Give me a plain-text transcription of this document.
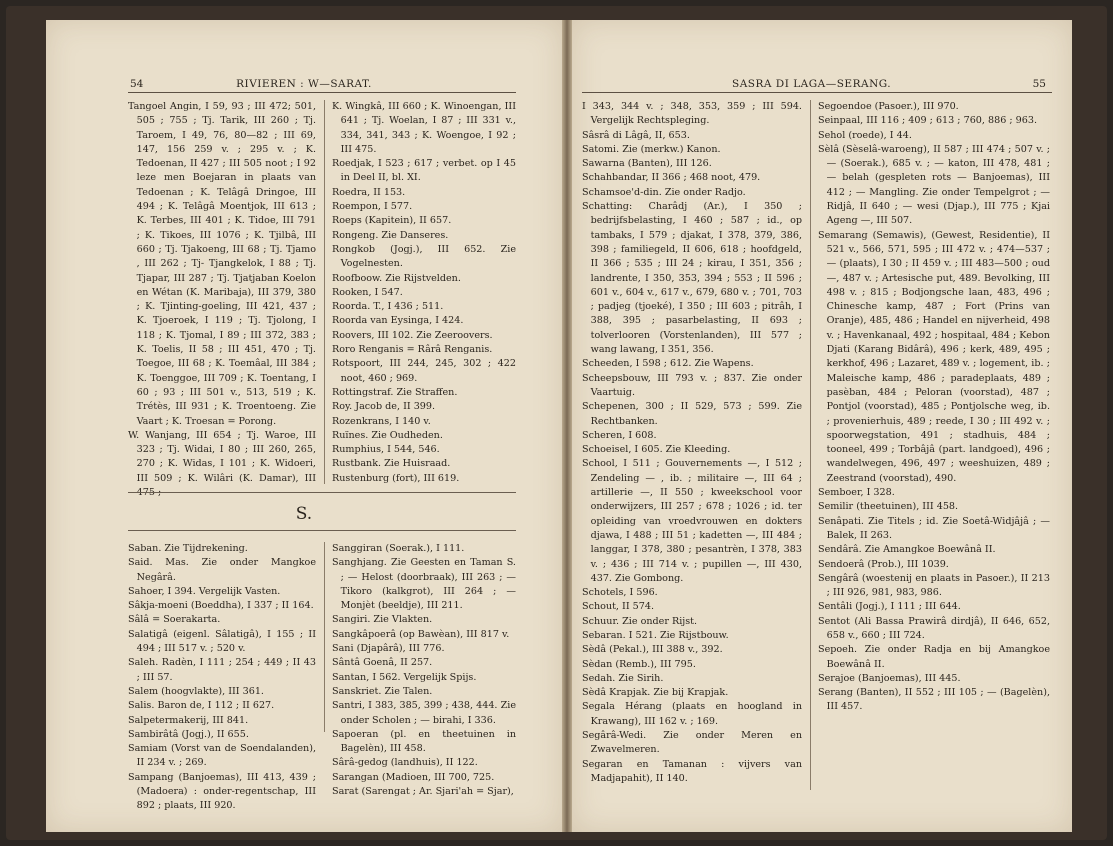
54	RIVIEREN : W—SARAT.

Tangoel Angin, I 59, 93 ; III 472; 501, 505 ; 755 ; Tj. Tarik, III 260 ; Tj. Taroem, I 49, 76, 80—82 ; III 69, 147, 156 259 v. ; 295 v. ; K. Tedoenan, II 427 ; III 505 noot ; I 92 leze men Boejaran in plaats van Tedoenan ; K. Telâgâ Dringoe, III 494 ; K. Telâgâ Moentjok, III 613 ; K. Terbes, III 401 ; K. Tidoe, III 791 ; K. Tikoes, III 1076 ; K. Tjilbâ, III 660 ; Tj. Tjakoeng, III 68 ; Tj. Tjamo , III 262 ; Tj- Tjangkelok, I 88 ; Tj. Tjapar, III 287 ; Tj. Tjatjaban Koelon en Wétan (K. Maribaja), III 379, 380 ; K. Tjinting-goeling, III 421, 437 ; K. Tjoeroek, I 119 ; Tj. Tjolong, I 118 ; K. Tjomal, I 89 ; III 372, 383 ; K. Toelis, II 58 ; III 451, 470 ; Tj. Toegoe, III 68 ; K. Toemâal, III 384 ; K. Toenggoe, III 709 ; K. Toentang, I 60 ; 93 ; III 501 v., 513, 519 ; K. Trétès, III 931 ; K. Troentoeng. Zie Vaart ; K. Troesan = Porong.

W. Wanjang, III 654 ; Tj. Waroe, III 323 ; Tj. Widai, I 80 ; III 260, 265, 270 ; K. Widas, I 101 ; K. Widoeri, III 509 ; K. Wilâri (K. Damar), III

K. Wingkâ, III 660 ; K. Winoengan, III 641 ; Tj. Woelan, I 87 ; III 331 v., 334, 341, 343 ; K. Woengoe, I 92 ; III 475.

Roedjak, I 523 ; 617 ; verbet. op I 45 in Deel II, bl. XI.

Roedra, II 153.

Roempon, I 577.

Roeps (Kapitein), II 657.

Rongeng. Zie Danseres.

Rongkob (Jogj.), III 652. Zie Vogelnesten.

Roofboow. Zie Rijstvelden.

Rooken, I 547.

Roorda. T., I 436 ; 511.

Roorda van Eysinga, I 424.

Roovers, III 102. Zie Zeeroovers.

Roro Renganis = Rârâ Renganis.

Rotspoort, III 244, 245, 302 ; 422 noot, 460 ; 969.

Rottingstraf. Zie Straffen.

Roy. Jacob de, II 399.

Rozenkrans, I 140 v.

Ruïnes. Zie Oudheden.

Rumphius, I 544, 546.

Rustbank. Zie Huisraad.

Rustenburg (fort), III 619.

S.

Saban. Zie Tijdrekening.

Said. Mas. Zie onder Mangkoe Negârâ.

Sahoer, I 394. Vergelijk Vasten.

Sâkja-moeni (Boeddha), I 337 ; II 164.

Sâlâ = Soerakarta.

Salatigâ (eigenl. Sâlatigâ), I 155 ; II 494 ; III 517 v. ; 520 v.

Saleh. Radèn, I 111 ; 254 ; 449 ; II 43 ; III 57.

Salem (hoogvlakte), III 361.

Salis. Baron de, I 112 ; II 627.

Salpetermakerij, III 841.

Sambirâtâ (Jogj.), II 655.

Samiam (Vorst van de Soendalanden), II 234 v. ; 269.

Sampang (Banjoemas), III 413, 439 ; (Madoera) : onder-regentschap, III 892 ; plaats, III 920.

Sanggiran (Soerak.), I 111.

Sanghjang. Zie Geesten en Taman S. ; — Helost (doorbraak), III 263 ; — Tikoro (kalkgrot), III 264 ; — Monjèt (beeldje), III 211.

Sangiri. Zie Vlakten.

Sangkâpoerâ (op Bawèan), III 817 v.

Sani (Djapârâ), III 776.

Sântâ Goenâ, II 257.

Santan, I 562. Vergelijk Spijs.

Sanskriet. Zie Talen.

Santri, I 383, 385, 399 ; 438, 444. Zie onder Scholen ; — birahi, I 336.

Sapoeran (pl. en theetuinen in Bagelèn), III 458.

Sârâ-gedog (landhuis), II 122.

Sarangan (Madioen, III 700, 725.

Sarat (Sarengat ; Ar. Sjari'ah = Sjar),

SASRA DI LAGA—SERANG.	55

I 343, 344 v. ; 348, 353, 359 ; III 594. Vergelijk Rechtspleging.

Sâsrâ di Lâgâ, II, 653.

Satomi. Zie (merkw.) Kanon.

Sawarna (Banten), III 126.

Schahbandar, II 366 ; 468 noot, 479.

Schamsoe'd-din. Zie onder Radjo.

Schatting: Charâdj (Ar.), I 350 ; bedrijfsbelasting, I 460 ; 587 ; id., op tambaks, I 579 ; djakat, I 378, 379, 386, 398 ; familiegeld, II 606, 618 ; hoofdgeld, II 366 ; 535 ; III 24 ; kirau, I 351, 356 ; landrente, I 350, 353, 394 ; 553 ; II 596 ; 601 v., 604 v., 617 v., 679, 680 v. ; 701, 703 ; padjeg (tjoeké), I 350 ; III 603 ; pitrâh, I 388, 395 ; pasarbelasting, II 693 ; tolverlooren (Vorstenlanden), III 577 ; wang lawang, I 351, 356.

Scheeden, I 598 ; 612. Zie Wapens.

Scheepsbouw, III 793 v. ; 837. Zie onder Vaartuig.

Schepenen, 300 ; II 529, 573 ; 599. Zie Rechtbanken.

Scheren, I 608.

Schoeisel, I 605. Zie Kleeding.

School, I 511 ; Gouvernements —, I 512 ; Zendeling — , ib. ; militaire —, III 64 ; artillerie —, II 550 ; kweekschool voor onderwijzers, III 257 ; 678 ; 1026 ; id. ter opleiding van vroedvrouwen en dokters djawa, I 488 ; III 51 ; kadetten —, III 484 ; langgar, I 378, 380 ; pesantrèn, I 378, 383 v. ; 436 ; III 714 v. ; pupillen —, III 430, 437. Zie Gombong.

Schotels, I 596.

Schout, II 574.

Schuur. Zie onder Rijst.

Sebaran. I 521. Zie Rijstbouw.

Sèdâ (Pekal.), III 388 v., 392.

Sèdan (Remb.), III 795.

Sedah. Zie Sirih.

Sèdâ Krapjak. Zie bij Krapjak.

Segala Hérang (plaats en hoogland in Krawang), III 162 v. ; 169.

Segârâ-Wedi. Zie onder Meren en Zwavelmeren.

Segaran en Tamanan : vijvers van Madjapahit), II 140.

Segoendoe (Pasoer.), III 970.

Seinpaal, III 116 ; 409 ; 613 ; 760, 886 ; 963.

Sehol (roede), I 44.

Sèlâ (Sèselâ-waroeng), II 587 ; III 474 ; 507 v. ; — (Soerak.), 685 v. ; — katon, III 478, 481 ; — belah (gespleten rots — Banjoemas), III 412 ; — Mangling. Zie onder Tempelgrot ; — Ridjâ, II 640 ; — wesi (Djap.), III 775 ; Kjai Ageng —, III 507.

Semarang (Semawis), (Gewest, Residentie), II 521 v., 566, 571, 595 ; III 472 v. ; 474—537 ; — (plaats), I 30 ; II 459 v. ; III 483—500 ; oud —, 487 v. ; Artesische put, 489. Bevolking, III 498 v. ; 815 ; Bodjongsche laan, 483, 496 ; Chinesche kamp, 487 ; Fort (Prins van Oranje), 485, 486 ; Handel en nijverheid, 498 v. ; Havenkanaal, 492 ; hospitaal, 484 ; Kebon Djati (Karang Bidârâ), 496 ; kerk, 489, 495 ; kerkhof, 496 ; Lazaret, 489 v. ; logement, ib. ; Maleische kamp, 486 ; paradeplaats, 489 ; pasèban, 484 ; Peloran (voorstad), 487 ; Pontjol (voorstad), 485 ; Pontjolsche weg, ib. ; provenierhuis, 489 ; reede, I 30 ; III 492 v. ; spoorwegstation, 491 ; stadhuis, 484 ; tooneel, 499 ; Torbâjâ (part. landgoed), 496 ; wandelwegen, 496, 497 ; weeshuizen, 489 ; Zeestrand (voorstad), 490.

Semboer, I 328.

Semilir (theetuinen), III 458.

Senâpati. Zie Titels ; id. Zie Soetâ-Widjâjâ ; — Balek, II 263.

Sendârâ. Zie Amangkoe Boewânâ II.

Sendoerâ (Prob.), III 1039.

Sengârâ (woestenij en plaats in Pasoer.), II 213 ; III 926, 981, 983, 986.

Sentâli (Jogj.), I 111 ; III 644.

Sentot (Ali Bassa Prawirâ dirdjâ), II 646, 652, 658 v., 660 ; III 724.

Sepoeh. Zie onder Radja en bij Amangkoe Boewânâ II.

Serajoe (Banjoemas), III 445.

Serang (Banten), II 552 ; III 105 ; — (Bagelèn), III 457.
